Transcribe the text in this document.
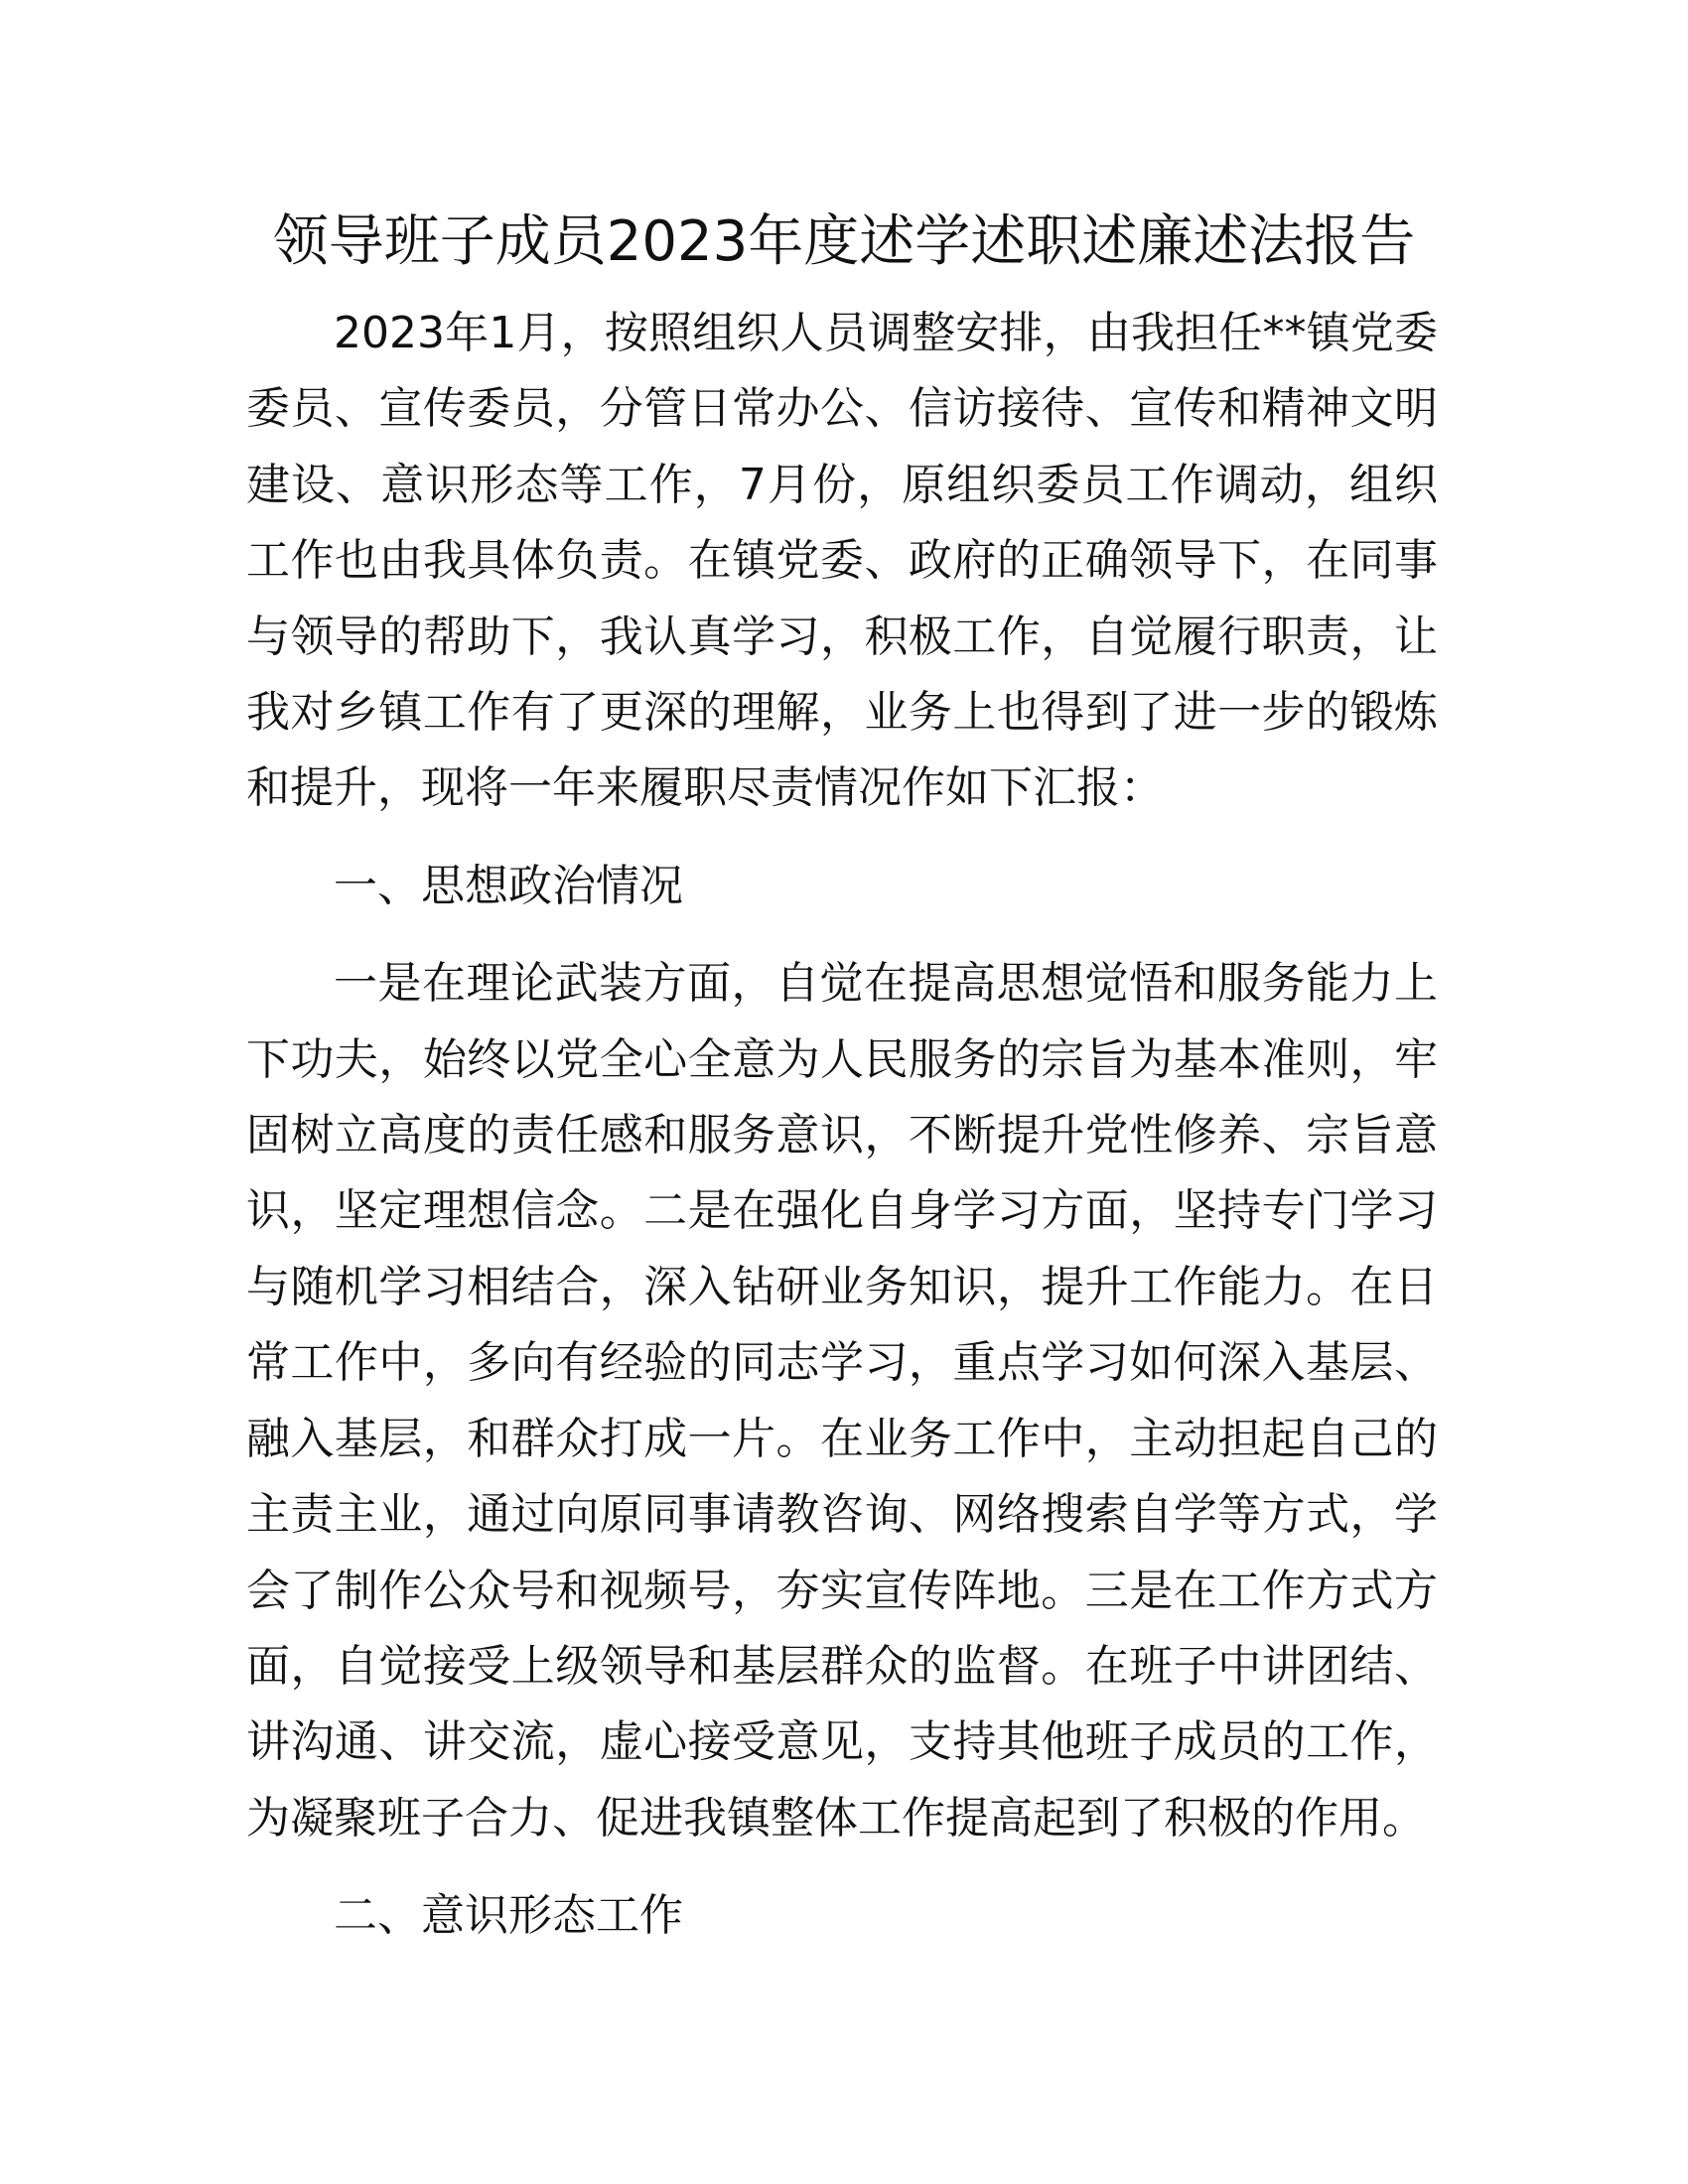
领导班子成员2023年度述学述职述廉述法报告

2023年1月，按照组织人员调整安排，由我担任**镇党委委员、宣传委员，分管日常办公、信访接待、宣传和精神文明建设、意识形态等工作，7月份，原组织委员工作调动，组织工作也由我具体负责。在镇党委、政府的正确领导下，在同事与领导的帮助下，我认真学习，积极工作，自觉履行职责，让我对乡镇工作有了更深的理解，业务上也得到了进一步的锻炼和提升，现将一年来履职尽责情况作如下汇报：

一、思想政治情况

一是在理论武装方面，自觉在提高思想觉悟和服务能力上下功夫，始终以党全心全意为人民服务的宗旨为基本准则，牢固树立高度的责任感和服务意识，不断提升党性修养、宗旨意识，坚定理想信念。二是在强化自身学习方面，坚持专门学习与随机学习相结合，深入钻研业务知识，提升工作能力。在日常工作中，多向有经验的同志学习，重点学习如何深入基层、融入基层，和群众打成一片。在业务工作中，主动担起自己的主责主业，通过向原同事请教咨询、网络搜索自学等方式，学会了制作公众号和视频号，夯实宣传阵地。三是在工作方式方面，自觉接受上级领导和基层群众的监督。在班子中讲团结、讲沟通、讲交流，虚心接受意见，支持其他班子成员的工作，为凝聚班子合力、促进我镇整体工作提高起到了积极的作用。

二、意识形态工作
